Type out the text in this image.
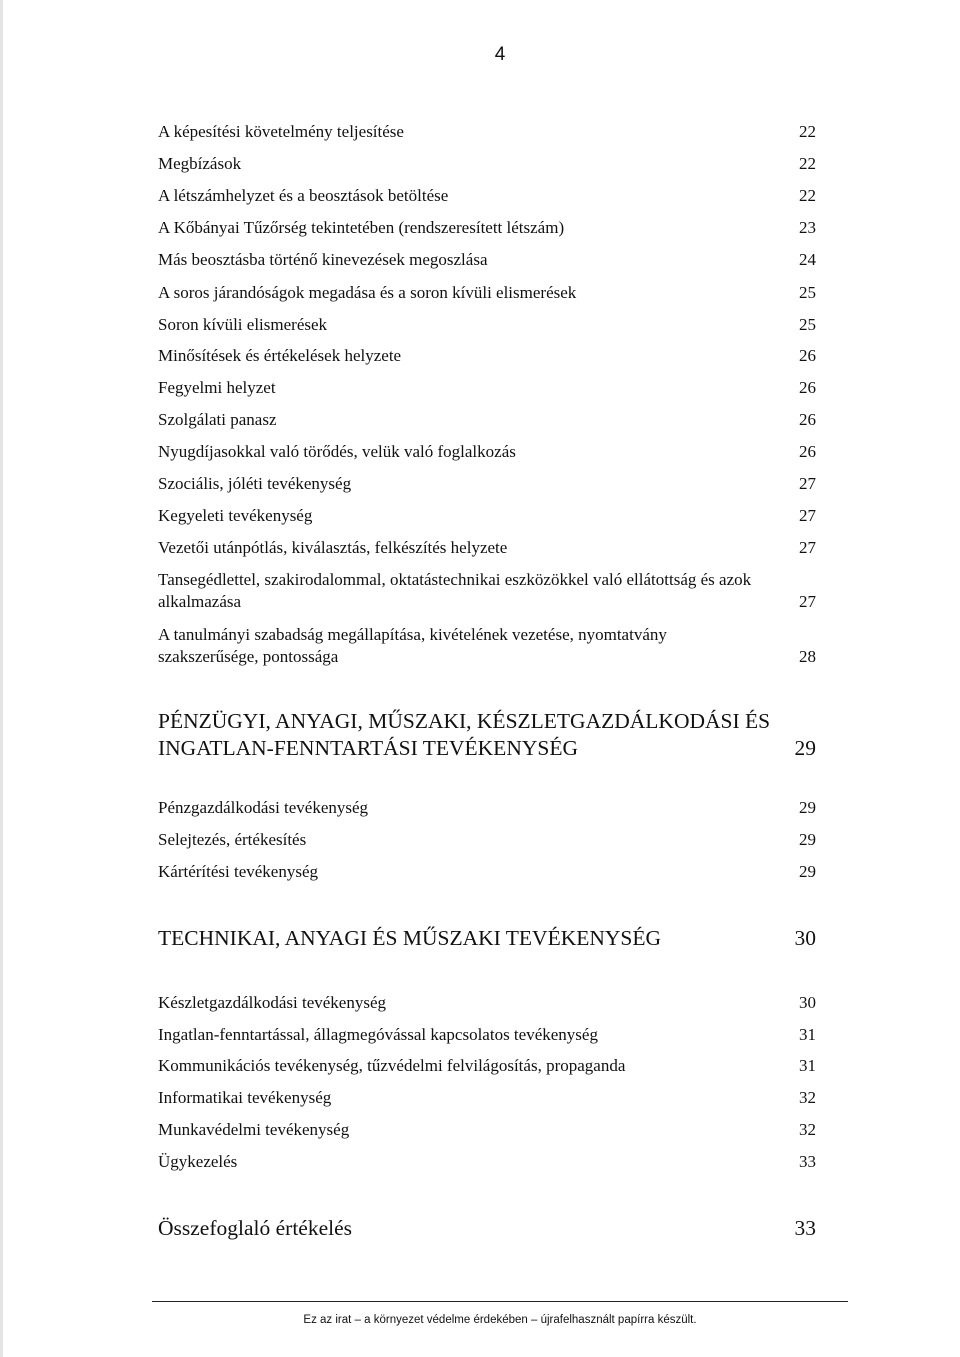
4
A képesítési követelmény teljesítése	22
Megbízások	22
A létszámhelyzet és a beosztások betöltése	22
A Kőbányai Tűzőrség tekintetében (rendszeresített létszám)	23
Más beosztásba történő kinevezések megoszlása	24
A soros járandóságok megadása és a soron kívüli elismerések	25
Soron kívüli elismerések	25
Minősítések és értékelések helyzete	26
Fegyelmi helyzet	26
Szolgálati panasz	26
Nyugdíjasokkal való törődés, velük való foglalkozás	26
Szociális, jóléti tevékenység	27
Kegyeleti tevékenység	27
Vezetői utánpótlás, kiválasztás, felkészítés helyzete	27
Tansegédlettel, szakirodalommal, oktatástechnikai eszközökkel való ellátottság és azok alkalmazása	27
A tanulmányi szabadság megállapítása, kivételének vezetése, nyomtatvány szakszerűsége, pontossága	28
PÉNZÜGYI, ANYAGI, MŰSZAKI, KÉSZLETGAZDÁLKODÁSI ÉS INGATLAN-FENNTARTÁSI TEVÉKENYSÉG	29
Pénzgazdálkodási tevékenység	29
Selejtezés, értékesítés	29
Kártérítési tevékenység	29
TECHNIKAI, ANYAGI ÉS MŰSZAKI TEVÉKENYSÉG	30
Készletgazdálkodási tevékenység	30
Ingatlan-fenntartással, állagmegóvással kapcsolatos tevékenység	31
Kommunikációs tevékenység, tűzvédelmi felvilágosítás, propaganda	31
Informatikai tevékenység	32
Munkavédelmi tevékenység	32
Ügykezelés	33
Összefoglaló értékelés	33
Ez az irat – a környezet védelme érdekében – újrafelhasznált papírra készült.
